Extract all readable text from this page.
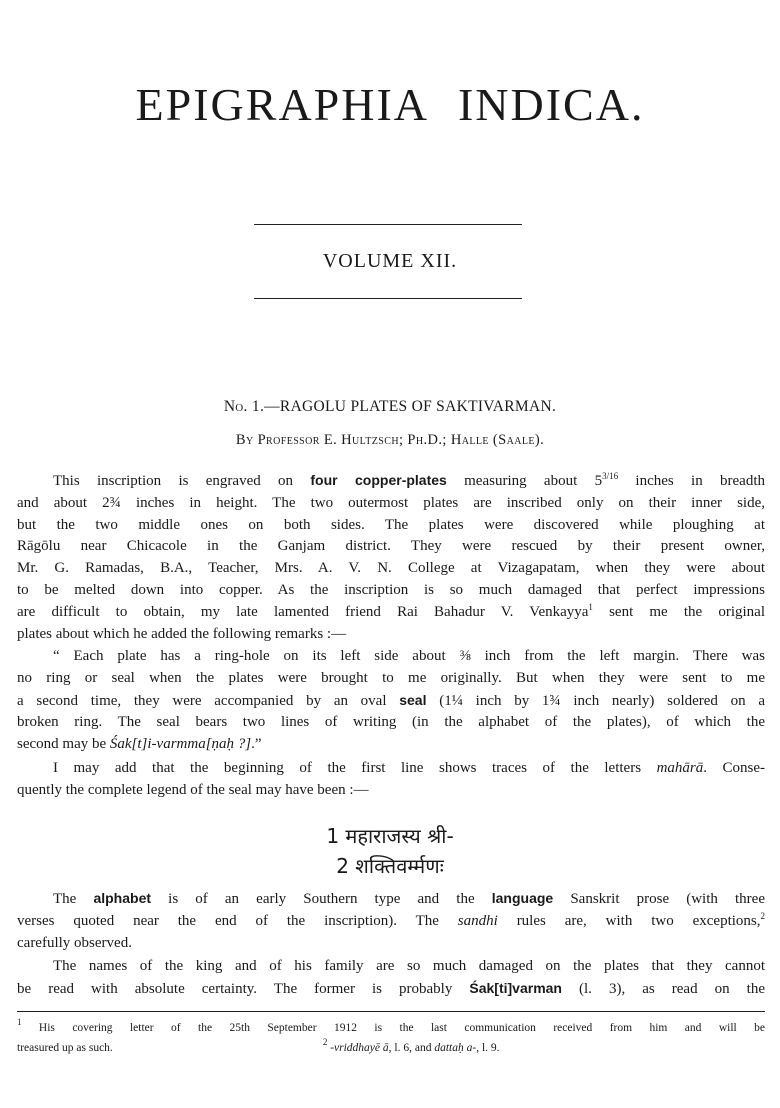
EPIGRAPHIA INDICA.
VOLUME XII.
No. 1.—RAGOLU PLATES OF SAKTIVARMAN.
By Professor E. Hultzsch; Ph.D.; Halle (Saale).
This inscription is engraved on four copper-plates measuring about $5^{3/16}$ inches in breadth
and about 2¾ inches in height. The two outermost plates are inscribed only on their inner side,
but the two middle ones on both sides. The plates were discovered while ploughing at
Rāgōlu near Chicacole in the Ganjam district. They were rescued by their present owner,
Mr. G. Ramadas, B.A., Teacher, Mrs. A. V. N. College at Vizagapatam, when they were about
to be melted down into copper. As the inscription is so much damaged that perfect impressions
are difficult to obtain, my late lamented friend Rai Bahadur V. Venkayya$^1$ sent me the original
plates about which he added the following remarks :—
“ Each plate has a ring-hole on its left side about ⅜ inch from the left margin. There was
no ring or seal when the plates were brought to me originally. But when they were sent to me
a second time, they were accompanied by an oval seal (1¼ inch by 1¾ inch nearly) soldered on a
broken ring. The seal bears two lines of writing (in the alphabet of the plates), of which the
second may be Śak[t]i-varmma[ṇaḥ ?].”
I may add that the beginning of the first line shows traces of the letters mahārā. Conse-
quently the complete legend of the seal may have been :—
1 महाराजस्य श्री-
2 शक्तिवर्म्मणः
The alphabet is of an early Southern type and the language Sanskrit prose (with three
verses quoted near the end of the inscription). The sandhi rules are, with two exceptions,$^2$
carefully observed.
The names of the king and of his family are so much damaged on the plates that they cannot
be read with absolute certainty. The former is probably Śak[ti]varman (l. 3), as read on the
$^1$ His covering letter of the 25th September 1912 is the last communication received from him and will be
treasured up as such.	$^2$ -vriddhayē ā, l. 6, and dattaḥ a-, l. 9.
